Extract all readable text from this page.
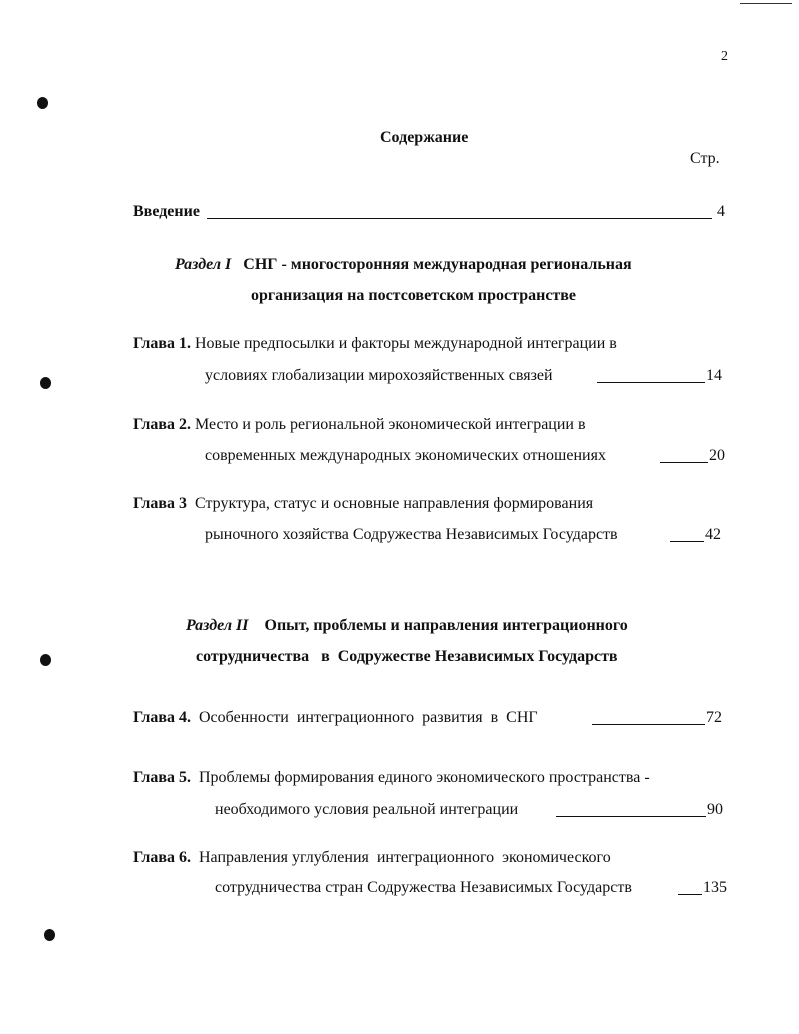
2
Содержание
Стр.
Введение	4
Раздел I СНГ - многосторонняя международная региональная
организация на постсоветском пространстве
Глава 1. Новые предпосылки и факторы международной интеграции в
условиях глобализации мирохозяйственных связей	14
Глава 2. Место и роль региональной экономической интеграции в
современных международных экономических отношениях	20
Глава 3 Структура, статус и основные направления формирования
рыночного хозяйства Содружества Независимых Государств	42
Раздел II Опыт, проблемы и направления интеграционного
сотрудничества   в  Содружестве Независимых Государств
Глава 4. Особенности  интеграционного  развития  в  СНГ	72
Глава 5. Проблемы формирования единого экономического пространства -
необходимого условия реальной интеграции	90
Глава 6. Направления углубления  интеграционного  экономического
сотрудничества стран Содружества Независимых Государств	135
